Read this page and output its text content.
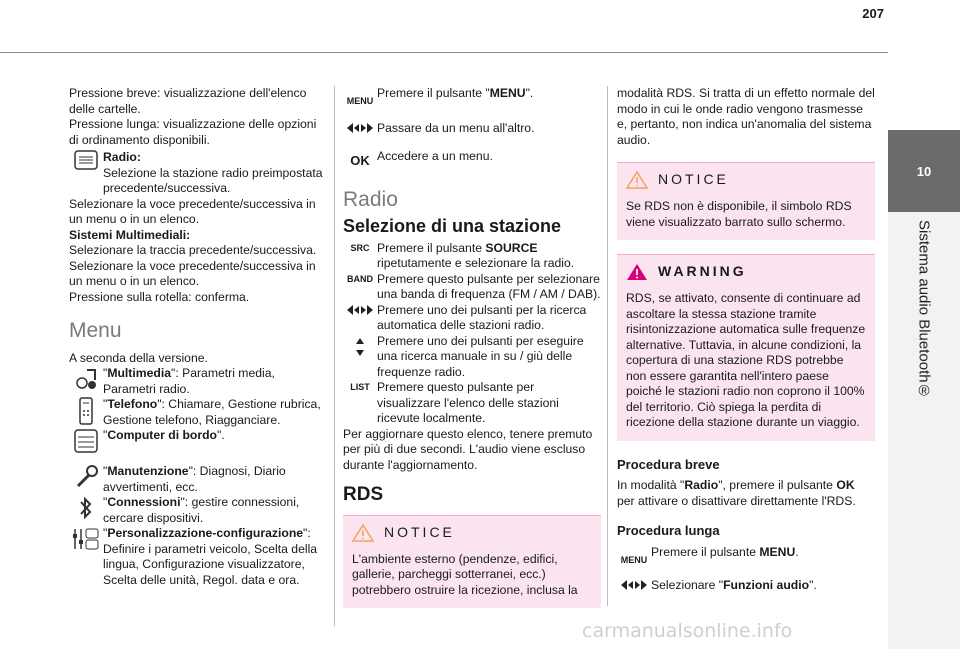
207
10
Sistema audio Bluetooth®

Pressione breve: visualizzazione dell'elenco delle cartelle.

Pressione lunga: visualizzazione delle opzioni di ordinamento disponibili.

Radio:

Selezione la stazione radio preimpostata precedente/successiva.

Selezionare la voce precedente/successiva in un menu o in un elenco.

Sistemi Multimediali:

Selezionare la traccia precedente/successiva.

Selezionare la voce precedente/successiva in un menu o in un elenco.

Pressione sulla rotella: conferma.

Menu

A seconda della versione.

"Multimedia": Parametri media, Parametri radio.

"Telefono": Chiamare, Gestione rubrica, Gestione telefono, Riagganciare.

"Computer di bordo".

"Manutenzione": Diagnosi, Diario avvertimenti, ecc.

"Connessioni": gestire connessioni, cercare dispositivi.

"Personalizzazione-configurazione": Definire i parametri veicolo, Scelta della lingua, Configurazione visualizzatore, Scelta delle unità, Regol. data e ora.

MENU

Premere il pulsante "MENU".

Passare da un menu all'altro.

OK Accedere a un menu.

Radio
Selezione di una stazione
SRC Premere il pulsante SOURCE ripetutamente e selezionare la radio.

BAND Premere questo pulsante per selezionare una banda di frequenza (FM / AM / DAB).

Premere uno dei pulsanti per la ricerca automatica delle stazioni radio.

Premere uno dei pulsanti per eseguire una ricerca manuale in su / giù delle frequenze radio.

LIST Premere questo pulsante per visualizzare l'elenco delle stazioni ricevute localmente.

Per aggiornare questo elenco, tenere premuto per più di due secondi. L'audio viene escluso durante l'aggiornamento.

RDS
NOTICE

L'ambiente esterno (pendenze, edifici, gallerie, parcheggi sotterranei, ecc.) potrebbero ostruire la ricezione, inclusa la

modalità RDS. Si tratta di un effetto normale del modo in cui le onde radio vengono trasmesse e, pertanto, non indica un'anomalia del sistema audio.

NOTICE

Se RDS non è disponibile, il simbolo RDS viene visualizzato barrato sullo schermo.

WARNING

RDS, se attivato, consente di continuare ad ascoltare la stessa stazione tramite risintonizzazione automatica sulle frequenze alternative. Tuttavia, in alcune condizioni, la copertura di una stazione RDS potrebbe non essere garantita nell'intero paese poiché le stazioni radio non coprono il 100% del territorio. Ciò spiega la perdita di ricezione della stazione durante un viaggio.

Procedura breve

In modalità "Radio", premere il pulsante OK per attivare o disattivare direttamente l'RDS.

Procedura lunga
MENU

Premere il pulsante MENU.

Selezionare "Funzioni audio".

carmanualsonline.info
